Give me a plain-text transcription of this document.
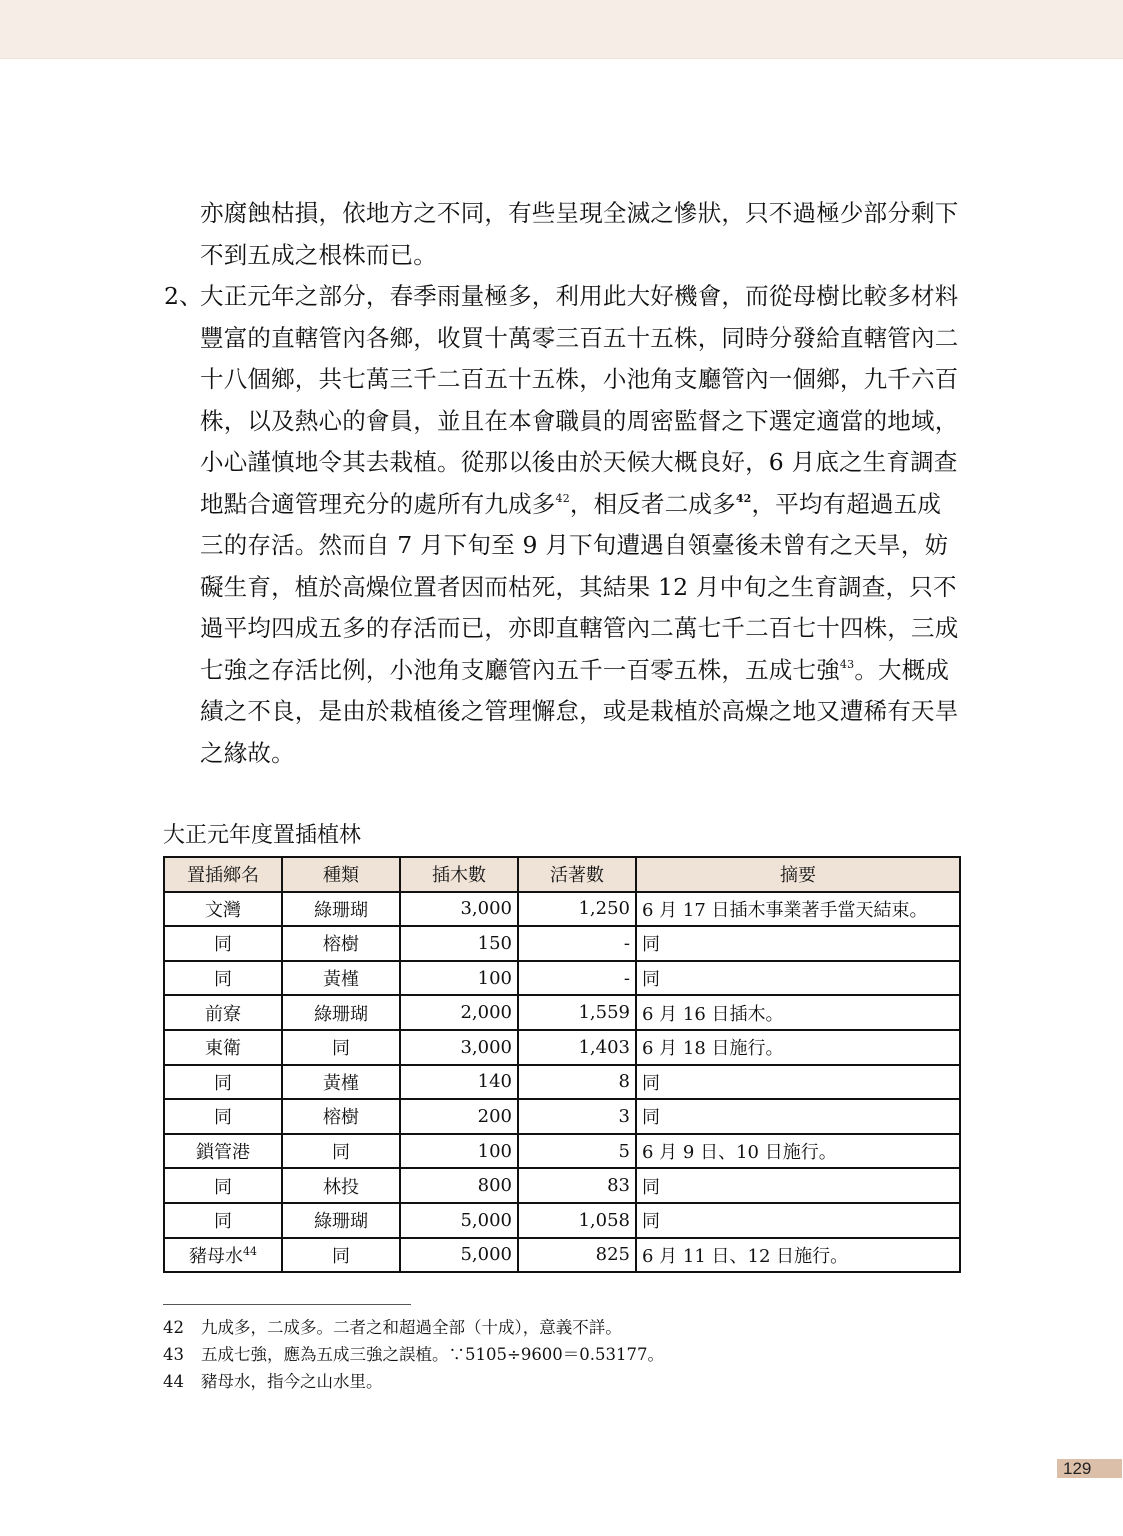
亦腐蝕枯損，依地方之不同，有些呈現全滅之慘狀，只不過極少部分剩下
不到五成之根株而已。

2、
大正元年之部分，春季雨量極多，利用此大好機會，而從母樹比較多材料豐富的直轄管內各鄉，收買十萬零三百五十五株，同時分發給直轄管內二十八個鄉，共七萬三千二百五十五株，小池角支廳管內一個鄉，九千六百株，以及熱心的會員，並且在本會職員的周密監督之下選定適當的地域，小心謹慎地令其去栽植。從那以後由於天候大概良好，6 月底之生育調查地點合適管理充分的處所有九成多$^{42}$，相反者二成多$^{42}$，平均有超過五成三的存活。然而自 7 月下旬至 9 月下旬遭遇自領臺後未曾有之天旱，妨礙生育，植於高燥位置者因而枯死，其結果 12 月中旬之生育調查，只不過平均四成五多的存活而已，亦即直轄管內二萬七千二百七十四株，三成七強之存活比例，小池角支廳管內五千一百零五株，五成七強$^{43}$。大概成績之不良，是由於栽植後之管理懈怠，或是栽植於高燥之地又遭稀有天旱之緣故。

大正元年度置插植林
置插鄉名	種類	插木數	活著數	摘要
文灣	綠珊瑚	3,000	1,250	6 月 17 日插木事業著手當天結束。
同	榕樹	150	-	同
同	黃槿	100	-	同
前寮	綠珊瑚	2,000	1,559	6 月 16 日插木。
東衛	同	3,000	1,403	6 月 18 日施行。
同	黃槿	140	8	同
同	榕樹	200	3	同
鎖管港	同	100	5	6 月 9 日、10 日施行。
同	林投	800	83	同
同	綠珊瑚	5,000	1,058	同
豬母水$^{44}$	同	5,000	825	6 月 11 日、12 日施行。

42 九成多，二成多。二者之和超過全部（十成），意義不詳。

43 五成七強，應為五成三強之誤植。∵5105÷9600＝0.53177。

44 豬母水，指今之山水里。

129
